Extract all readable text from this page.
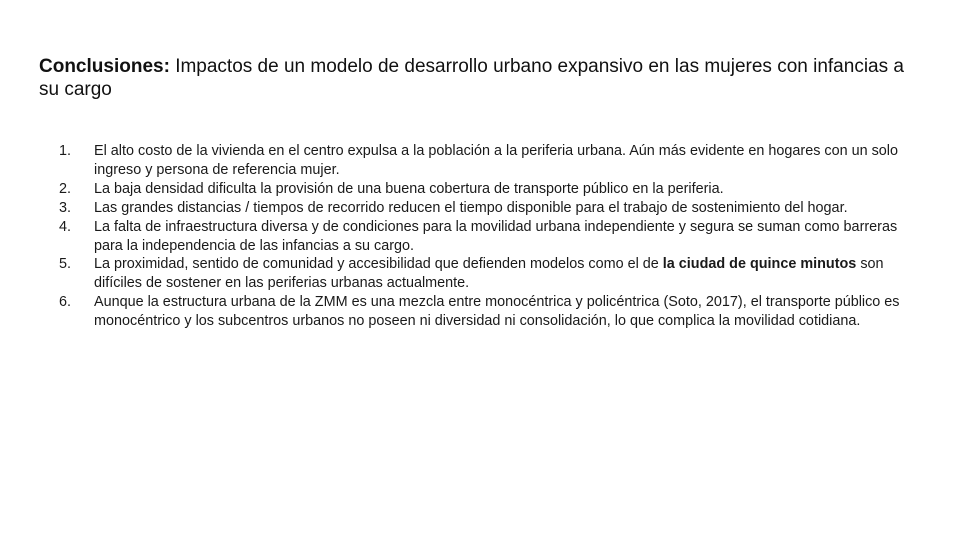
Conclusiones: Impactos de un modelo de desarrollo urbano expansivo en las mujeres con infancias a su cargo
1. El alto costo de la vivienda en el centro expulsa a la población a la periferia urbana. Aún más evidente en hogares con un solo ingreso y persona de referencia mujer.
2. La baja densidad dificulta la provisión de una buena cobertura de transporte público en la periferia.
3. Las grandes distancias / tiempos de recorrido reducen el tiempo disponible para el trabajo de sostenimiento del hogar.
4. La falta de infraestructura diversa y de condiciones para la movilidad urbana independiente y segura se suman como barreras para la independencia de las infancias a su cargo.
5. La proximidad, sentido de comunidad y accesibilidad que defienden modelos como el de la ciudad de quince minutos son difíciles de sostener en las periferias urbanas actualmente.
6. Aunque la estructura urbana de la ZMM es una mezcla entre monocéntrica y policéntrica (Soto, 2017), el transporte público es monocéntrico y los subcentros urbanos no poseen ni diversidad ni consolidación, lo que complica la movilidad cotidiana.
